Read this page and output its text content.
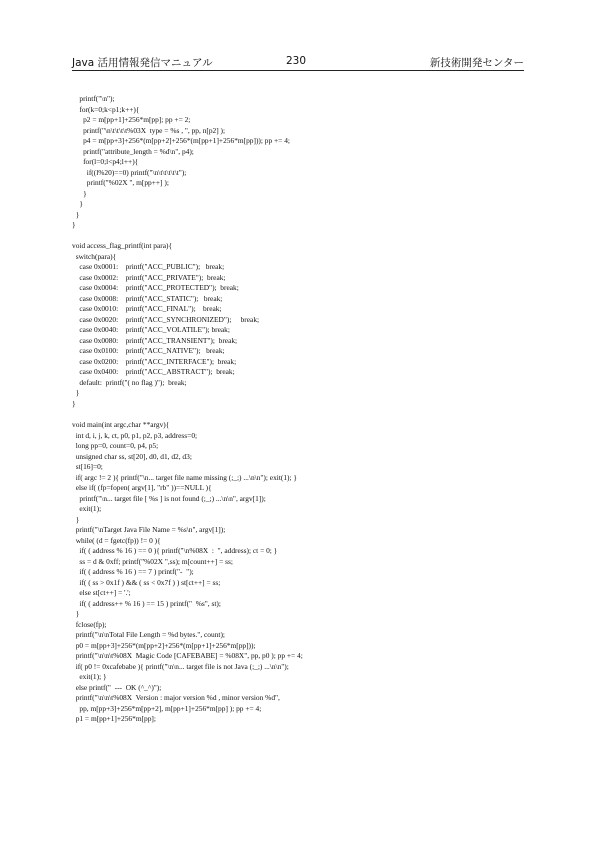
Java 活用情報発信マニュアル	230	新技術開発センター
printf("\n");
for(k=0;k<p1;k++){
p2 = m[pp+1]+256*m[pp]; pp += 2;
printf("\n\t\t\t\t%03X  type = %s , ", pp, n[p2] );
p4 = m[pp+3]+256*(m[pp+2]+256*(m[pp+1]+256*m[pp])); pp += 4;
printf("attribute_length = %d\n", p4);
for(l=0;l<p4;l++){
if((l%20)==0) printf("\n\t\t\t\t\t");
printf("%02X ", m[pp++] );
}
}
}
}

void access_flag_printf(int para){
switch(para){
case 0x0001:    printf("ACC_PUBLIC");   break;
case 0x0002:    printf("ACC_PRIVATE");  break;
case 0x0004:    printf("ACC_PROTECTED");  break;
case 0x0008:    printf("ACC_STATIC");   break;
case 0x0010:    printf("ACC_FINAL");    break;
case 0x0020:    printf("ACC_SYNCHRONIZED");     break;
case 0x0040:    printf("ACC_VOLATILE"); break;
case 0x0080:    printf("ACC_TRANSIENT");  break;
case 0x0100:    printf("ACC_NATIVE");   break;
case 0x0200:    printf("ACC_INTERFACE");  break;
case 0x0400:    printf("ACC_ABSTRACT");  break;
default:  printf("( no flag )");  break;
}
}

void main(int argc,char **argv){
int d, i, j, k, ct, p0, p1, p2, p3, address=0;
long pp=0, count=0, p4, p5;
unsigned char ss, st[20], d0, d1, d2, d3;
st[16]=0;
if( argc != 2 ){ printf("\n... target file name missing (;_;) ...\n\n"); exit(1); }
else if( (fp=fopen( argv[1], "rb" ))==NULL ){
printf("\n... target file [ %s ] is not found (;_;) ...\n\n", argv[1]);
exit(1);
}
printf("\nTarget Java File Name = %s\n", argv[1]);
while( (d = fgetc(fp)) != 0 ){
if( ( address % 16 ) == 0 ){ printf("\n%08X  :  ", address); ct = 0; }
ss = d & 0xff; printf("%02X ",ss); m[count++] = ss;
if( ( address % 16 ) == 7 ) printf("-  ");
if( ( ss > 0x1f ) && ( ss < 0x7f ) ) st[ct++] = ss;
else st[ct++] = '.';
if( ( address++ % 16 ) == 15 ) printf("  %s", st);
}
fclose(fp);
printf("\n\nTotal File Length = %d bytes.", count);
p0 = m[pp+3]+256*(m[pp+2]+256*(m[pp+1]+256*m[pp]));
printf("\n\n\t%08X  Magic Code [CAFEBABE] = %08X", pp, p0 ); pp += 4;
if( p0 != 0xcafebabe ){ printf("\n\n... target file is not Java (;_;) ...\n\n");
exit(1); }
else printf("  ---  OK (^_^)");
printf("\n\n\t%08X  Version : major version %d , minor version %d",
pp, m[pp+3]+256*m[pp+2], m[pp+1]+256*m[pp] ); pp += 4;
p1 = m[pp+1]+256*m[pp];
